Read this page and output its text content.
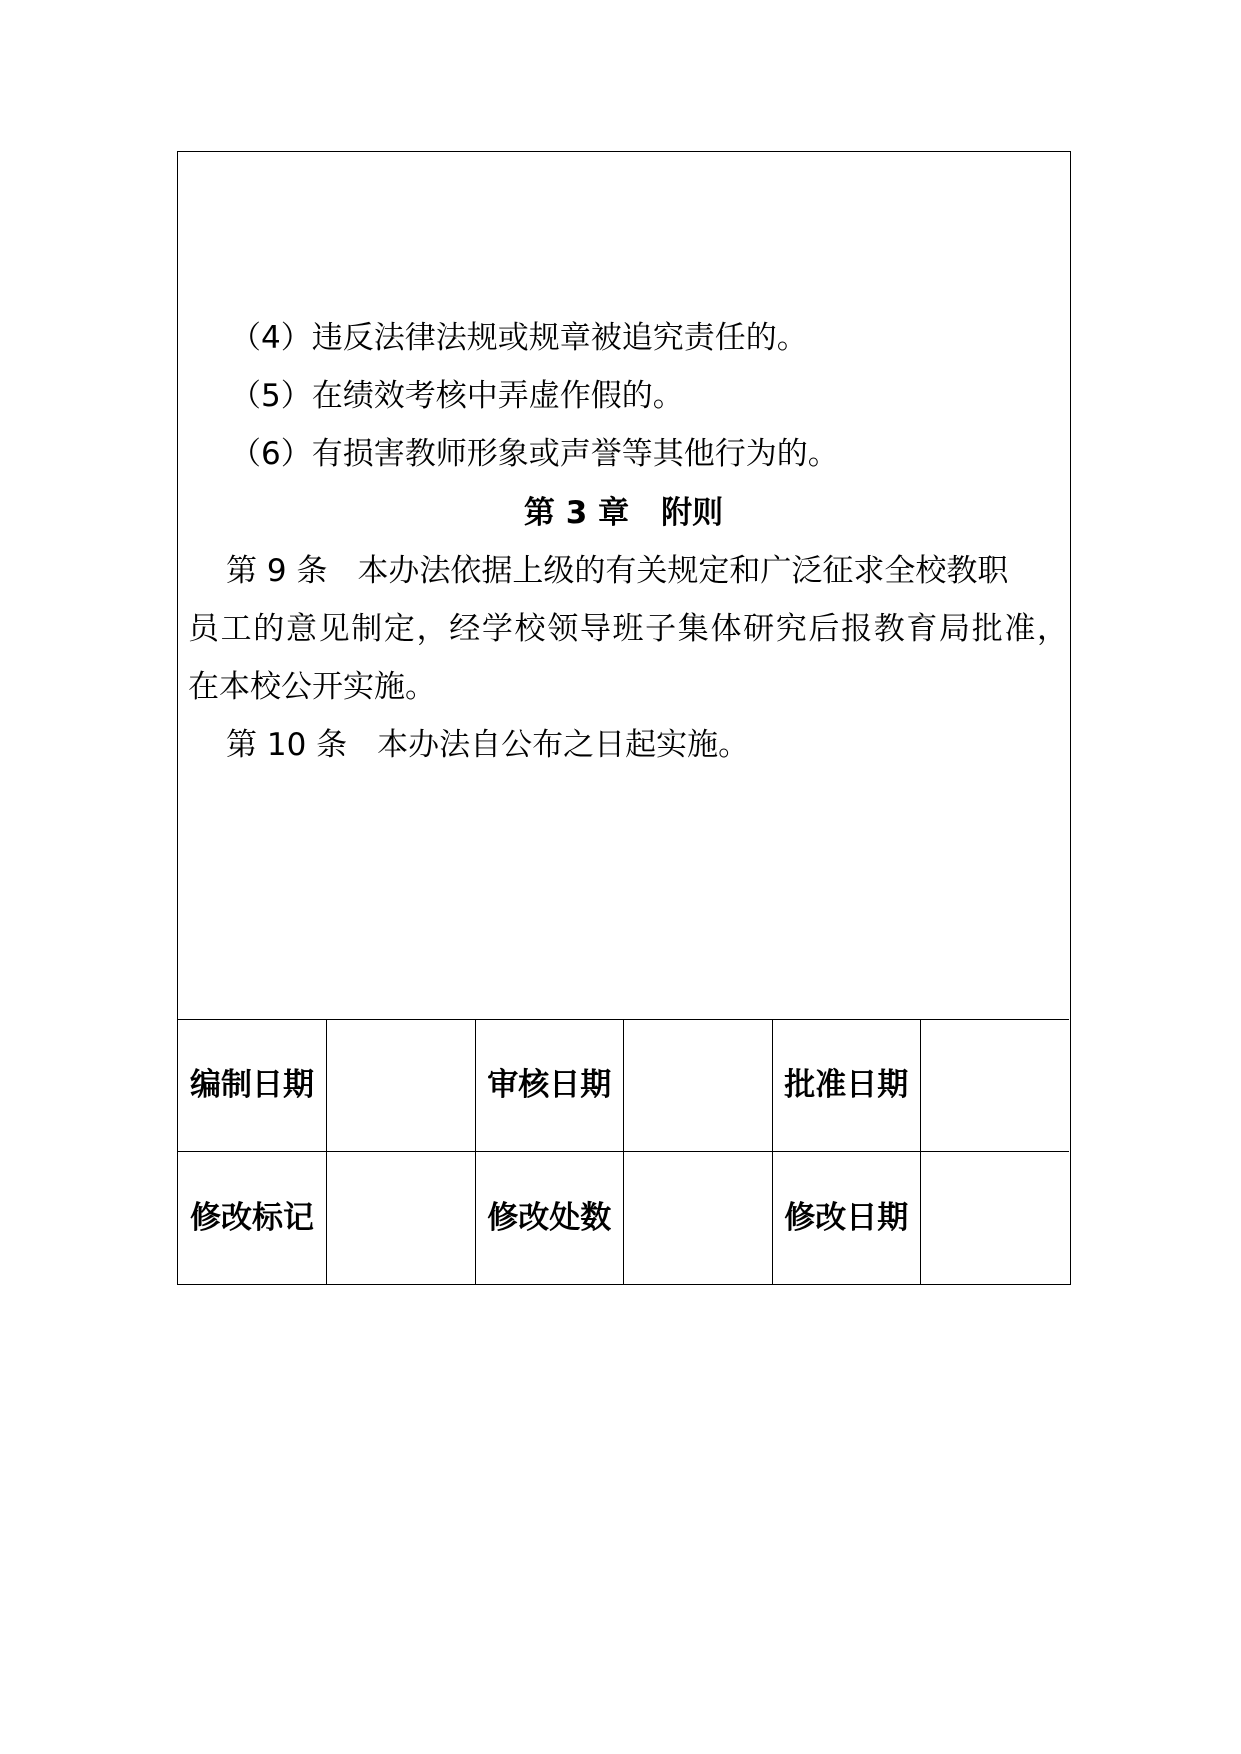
（4）违反法律法规或规章被追究责任的。
（5）在绩效考核中弄虚作假的。
（6）有损害教师形象或声誉等其他行为的。
第 3 章 附则
第 9 条 本办法依据上级的有关规定和广泛征求全校教职
员工的意见制定，经学校领导班子集体研究后报教育局批准，
在本校公开实施。
第 10 条 本办法自公布之日起实施。
编制日期		审核日期		批准日期	
修改标记		修改处数		修改日期	
